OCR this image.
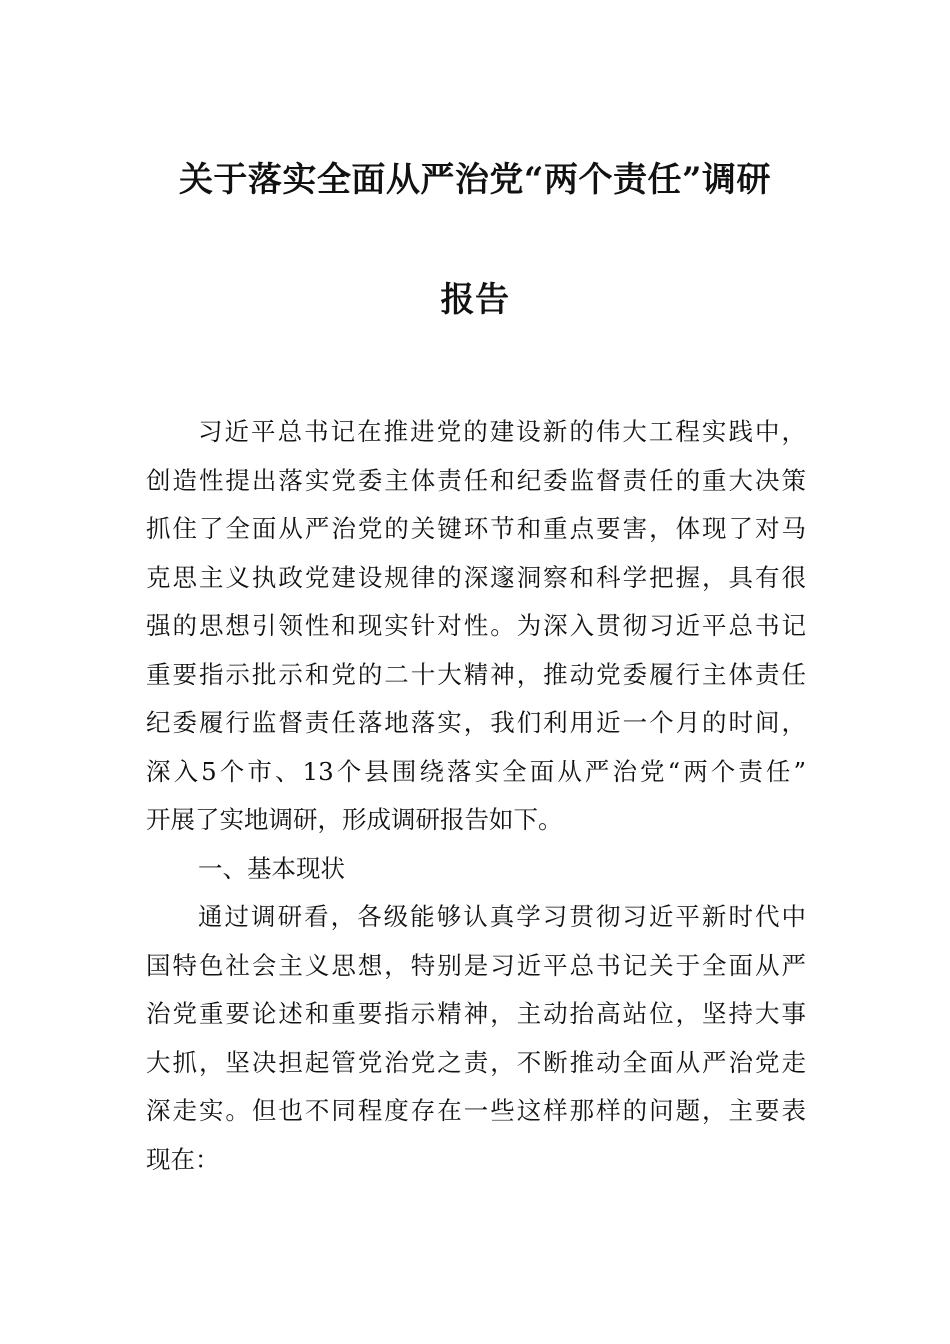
关于落实全面从严治党“两个责任”调研
报告
习近平总书记在推进党的建设新的伟大工程实践中，
创造性提出落实党委主体责任和纪委监督责任的重大决策
抓住了全面从严治党的关键环节和重点要害，体现了对马
克思主义执政党建设规律的深邃洞察和科学把握，具有很
强的思想引领性和现实针对性。为深入贯彻习近平总书记
重要指示批示和党的二十大精神，推动党委履行主体责任
纪委履行监督责任落地落实，我们利用近一个月的时间，
深入5个市、13个县围绕落实全面从严治党“两个责任”
开展了实地调研，形成调研报告如下。
一、基本现状
通过调研看，各级能够认真学习贯彻习近平新时代中
国特色社会主义思想，特别是习近平总书记关于全面从严
治党重要论述和重要指示精神，主动抬高站位，坚持大事
大抓，坚决担起管党治党之责，不断推动全面从严治党走
深走实。但也不同程度存在一些这样那样的问题，主要表
现在：
